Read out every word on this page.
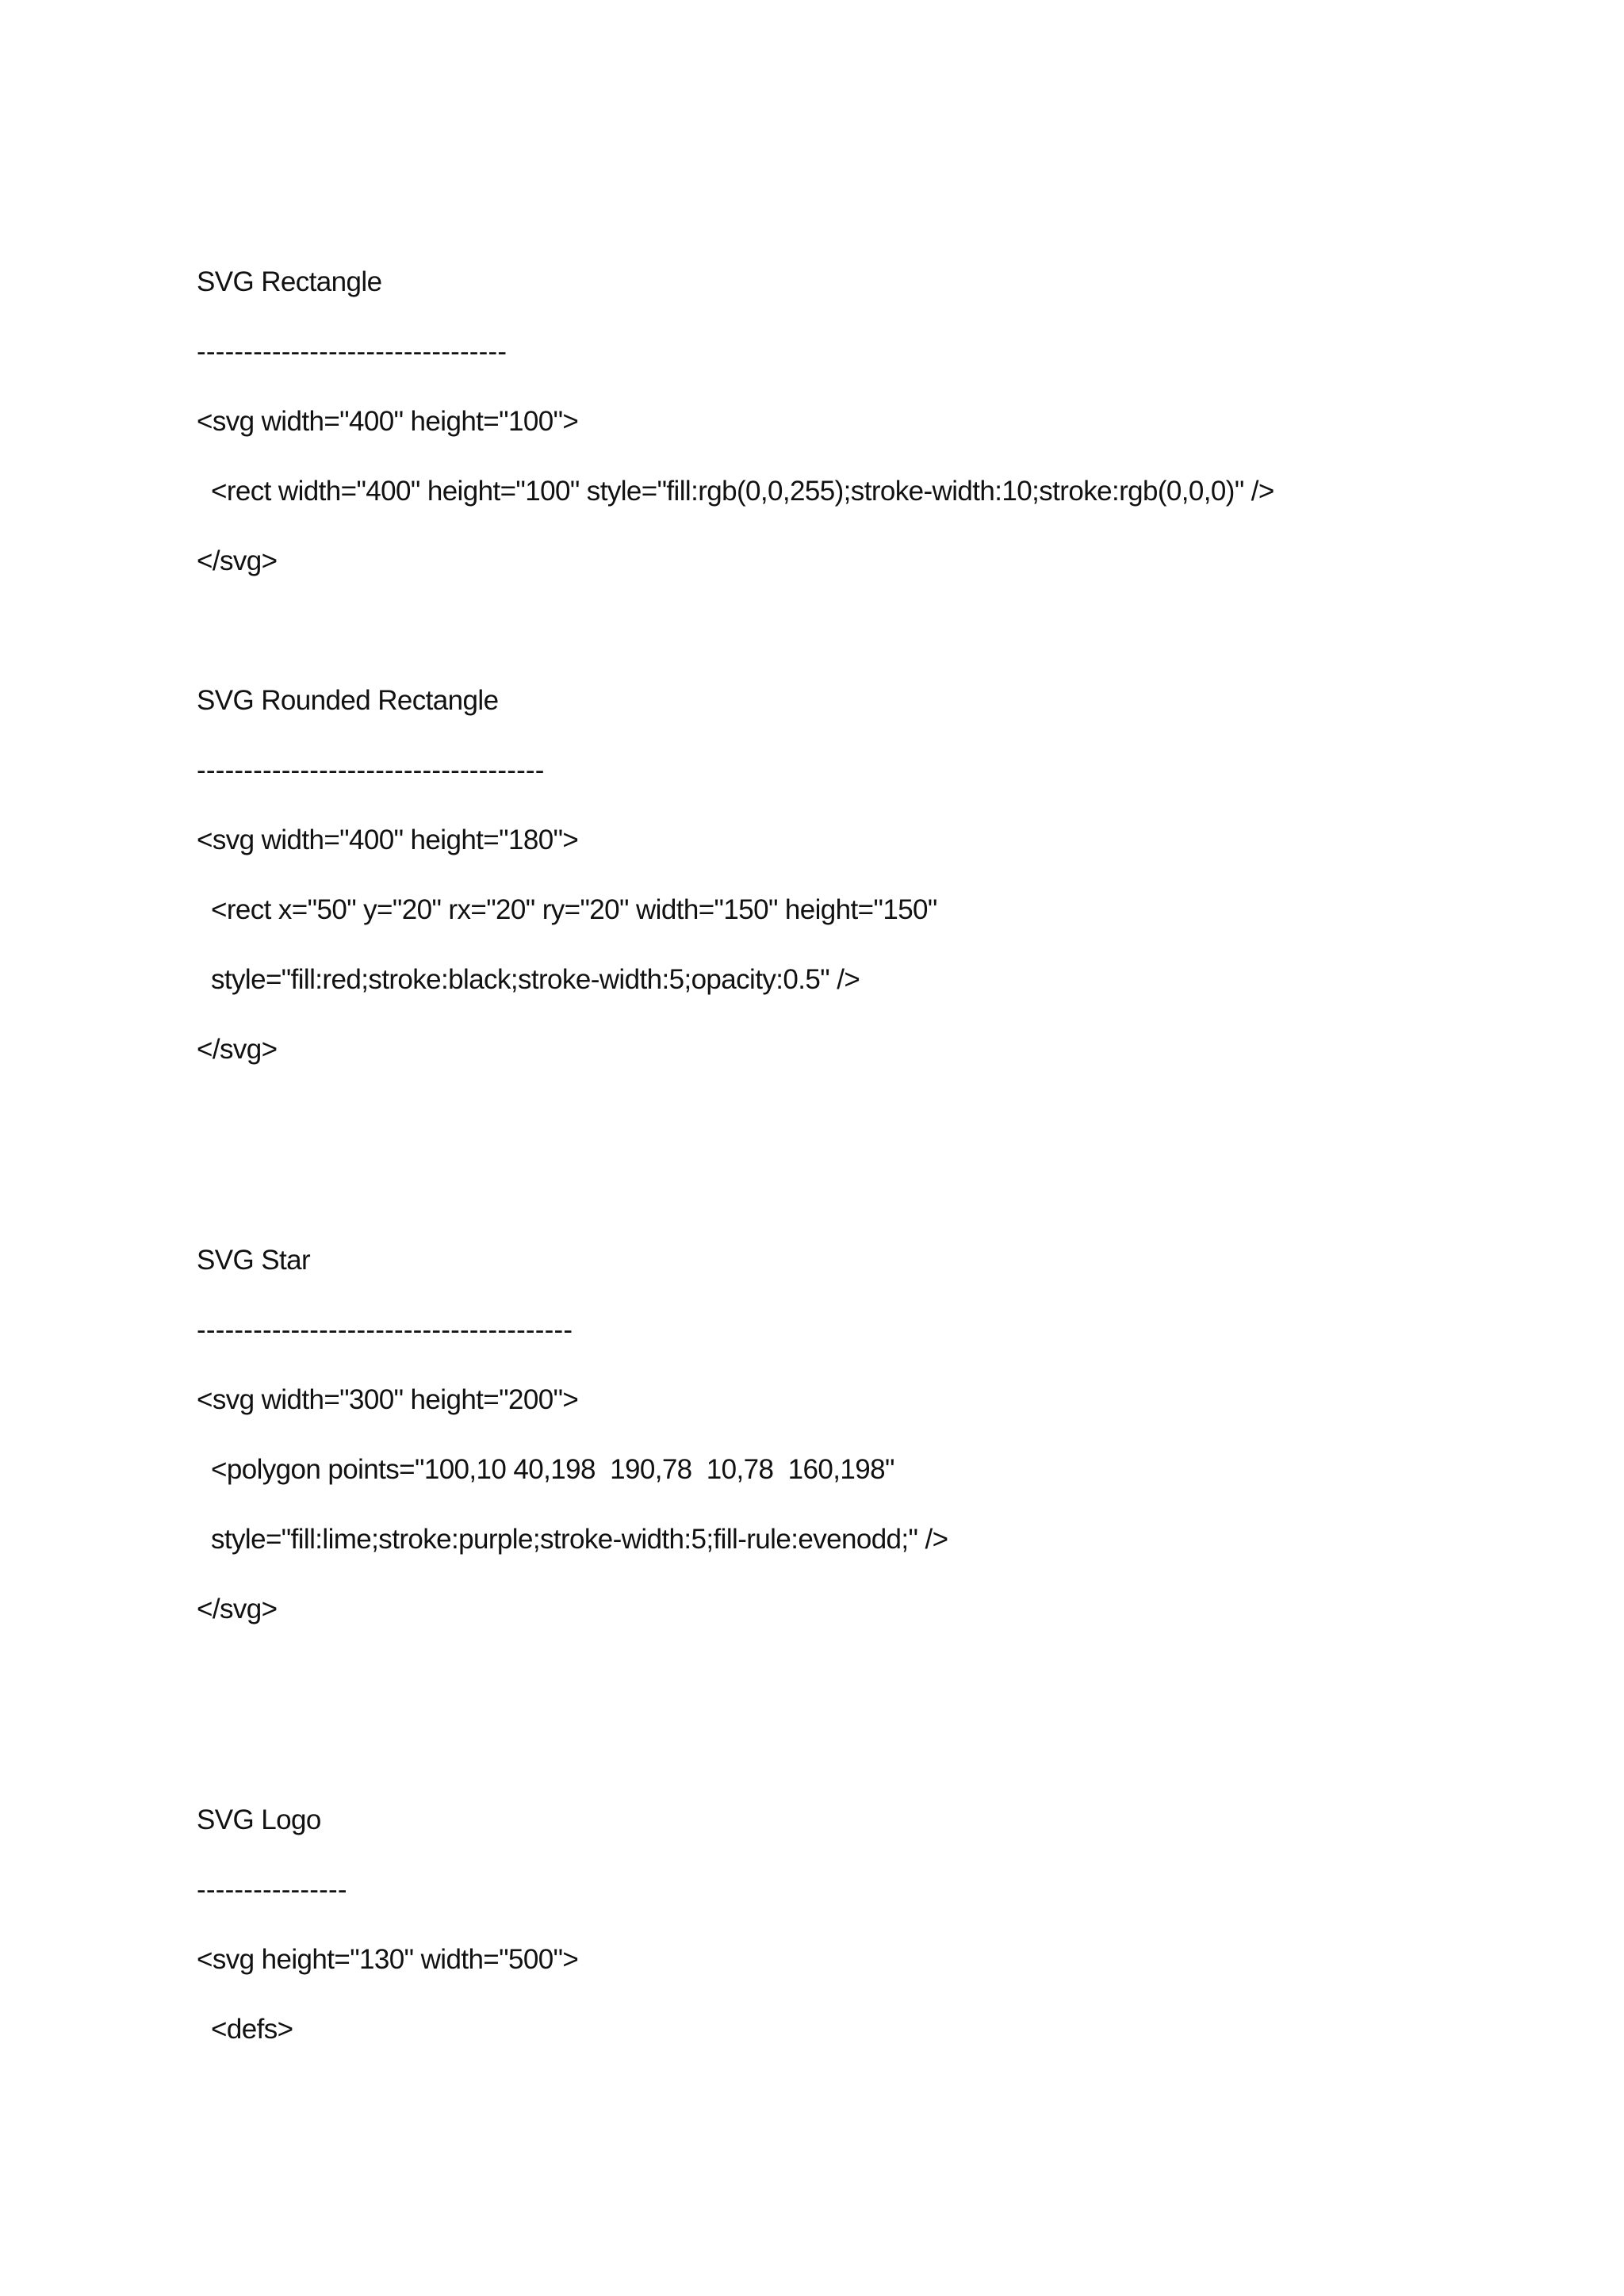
SVG Rectangle
---------------------------------
<svg width="400" height="100">
<rect width="400" height="100" style="fill:rgb(0,0,255);stroke-width:10;stroke:rgb(0,0,0)" />
</svg>
SVG Rounded Rectangle
-------------------------------------
<svg width="400" height="180">
<rect x="50" y="20" rx="20" ry="20" width="150" height="150"
style="fill:red;stroke:black;stroke-width:5;opacity:0.5" />
</svg>
SVG Star
----------------------------------------
<svg width="300" height="200">
<polygon points="100,10 40,198  190,78  10,78  160,198"
style="fill:lime;stroke:purple;stroke-width:5;fill-rule:evenodd;" />
</svg>
SVG Logo
----------------
<svg height="130" width="500">
<defs>
